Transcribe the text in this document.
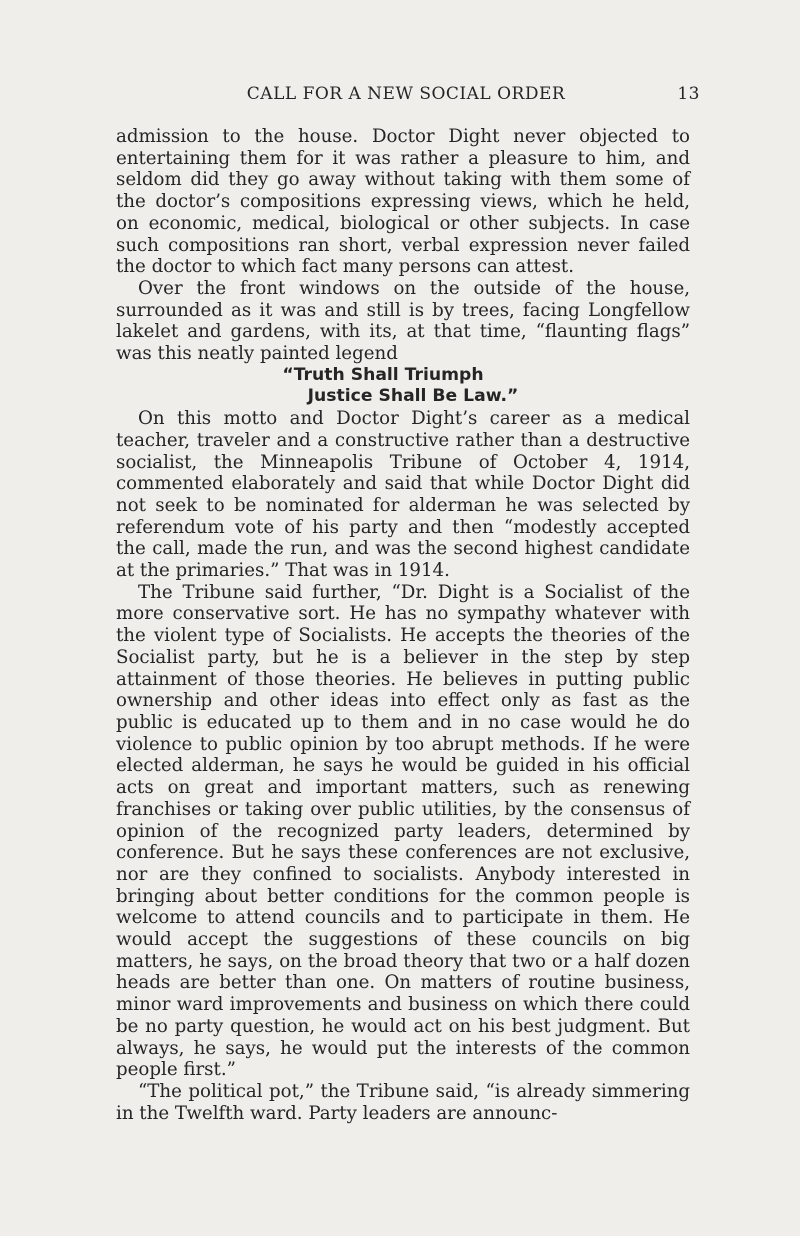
CALL FOR A NEW SOCIAL ORDER	13

admission to the house. Doctor Dight never objected to entertaining them for it was rather a pleasure to him, and seldom did they go away without taking with them some of the doctor’s compositions expressing views, which he held, on economic, medical, biological or other subjects. In case such compositions ran short, verbal expression never failed the doctor to which fact many persons can attest.

Over the front windows on the outside of the house, surrounded as it was and still is by trees, facing Longfellow lakelet and gardens, with its, at that time, “flaunting flags” was this neatly painted legend

“Truth Shall Triumph
Justice Shall Be Law.”

On this motto and Doctor Dight’s career as a medical teacher, traveler and a constructive rather than a destructive socialist, the Minneapolis Tribune of October 4, 1914, commented elaborately and said that while Doctor Dight did not seek to be nominated for alderman he was selected by referendum vote of his party and then “modestly accepted the call, made the run, and was the second highest candidate at the primaries.” That was in 1914.

The Tribune said further, “Dr. Dight is a Socialist of the more conservative sort. He has no sympathy whatever with the violent type of Socialists. He accepts the theories of the Socialist party, but he is a believer in the step by step attainment of those theories. He believes in putting public ownership and other ideas into effect only as fast as the public is educated up to them and in no case would he do violence to public opinion by too abrupt methods. If he were elected alderman, he says he would be guided in his official acts on great and important matters, such as renewing franchises or taking over public utilities, by the consensus of opinion of the recognized party leaders, determined by conference. But he says these conferences are not exclusive, nor are they confined to socialists. Anybody interested in bringing about better conditions for the common people is welcome to attend councils and to participate in them. He would accept the suggestions of these councils on big matters, he says, on the broad theory that two or a half dozen heads are better than one. On matters of routine business, minor ward improvements and business on which there could be no party question, he would act on his best judgment. But always, he says, he would put the interests of the common people first.”

“The political pot,” the Tribune said, “is already simmering in the Twelfth ward. Party leaders are announc-
